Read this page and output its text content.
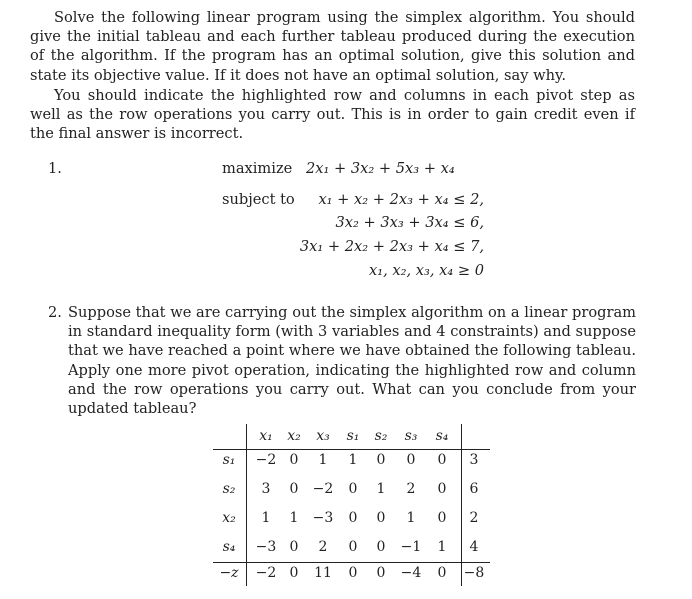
Solve the following linear program using the simplex algorithm. You should give the initial tableau and each further tableau produced during the execution of the algorithm. If the program has an optimal solution, give this solution and state its objective value. If it does not have an optimal solution, say why.
You should indicate the highlighted row and columns in each pivot step as well as the row operations you carry out. This is in order to gain credit even if the final answer is incorrect.
1.	maximize 2x₁ + 3x₂ + 5x₃ + x₄
subject to x₁ + x₂ + 2x₃ + x₄ ≤ 2,
3x₂ + 3x₃ + 3x₄ ≤ 6,
3x₁ + 2x₂ + 2x₃ + x₄ ≤ 7,
x₁, x₂, x₃, x₄ ≥ 0
2. Suppose that we are carrying out the simplex algorithm on a linear program in standard inequality form (with 3 variables and 4 constraints) and suppose that we have reached a point where we have obtained the following tableau. Apply one more pivot operation, indicating the highlighted row and column and the row operations you carry out. What can you conclude from your updated tableau?
x₁	x₂	x₃	s₁	s₂	s₃	s₄
s₁	−2 0	1	1	0	0	0	3
s₂	3	0	−2	0	1	2	0	6
x₂	1	1	−3	0	0	1	0	2
s₄	−3 0	2	0	0	−1	1	4
−z	−2 0	11	0	0	−4	0	−8
